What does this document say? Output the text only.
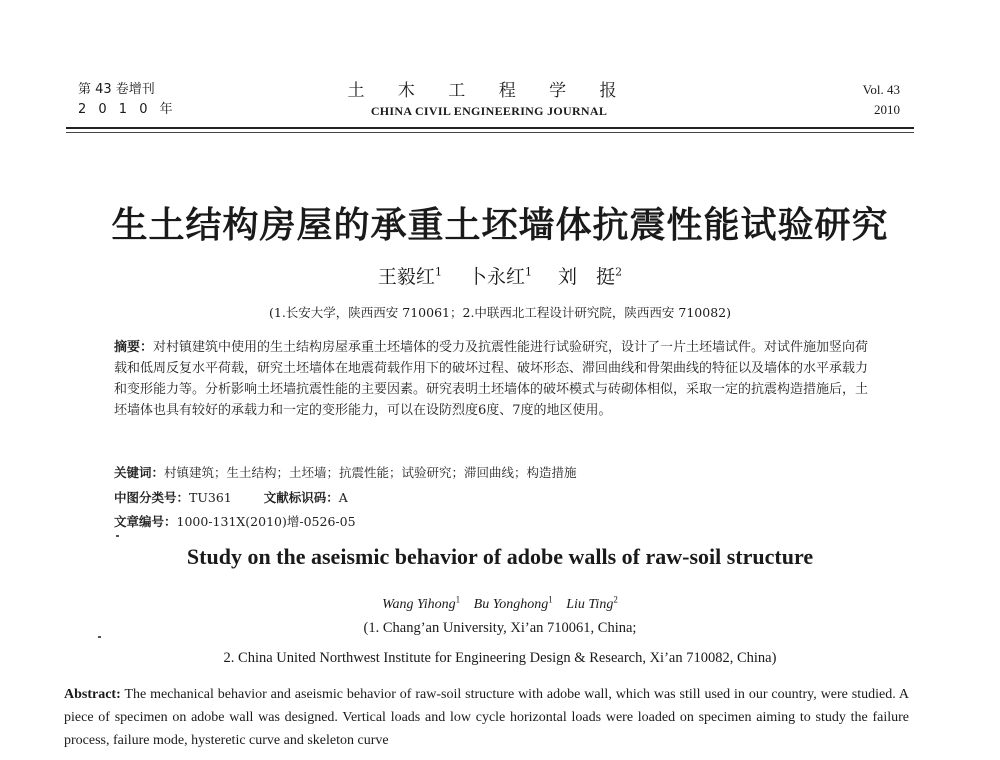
第 43 卷增刊
2 0 1 0 年
土 木 工 程 学 报
CHINA CIVIL ENGINEERING JOURNAL
Vol. 43
2010
生土结构房屋的承重土坯墙体抗震性能试验研究
王毅红$^1$ 卜永红$^1$ 刘　挺$^2$
(1.长安大学，陕西西安 710061；2.中联西北工程设计研究院，陕西西安 710082)
摘要：对村镇建筑中使用的生土结构房屋承重土坯墙体的受力及抗震性能进行试验研究，设计了一片土坯墙试件。对试件施加竖向荷载和低周反复水平荷载，研究土坯墙体在地震荷载作用下的破坏过程、破坏形态、滞回曲线和骨架曲线的特征以及墙体的水平承载力和变形能力等。分析影响土坯墙抗震性能的主要因素。研究表明土坯墙体的破坏模式与砖砌体相似，采取一定的抗震构造措施后，土坯墙体也具有较好的承载力和一定的变形能力，可以在设防烈度6度、7度的地区使用。
关键词：村镇建筑；生土结构；土坯墙；抗震性能；试验研究；滞回曲线；构造措施
中图分类号：TU361	文献标识码：A
文章编号：1000-131X(2010)增-0526-05
Study on the aseismic behavior of adobe walls of raw-soil structure
Wang Yihong$^1$ Bu Yonghong$^1$ Liu Ting$^2$
(1. Chang’an University, Xi’an 710061, China;
2. China United Northwest Institute for Engineering Design & Research, Xi’an 710082, China)
Abstract: The mechanical behavior and aseismic behavior of raw-soil structure with adobe wall, which was still used in our country, were studied. A piece of specimen on adobe wall was designed. Vertical loads and low cycle horizontal loads were loaded on specimen aiming to study the failure process, failure mode, hysteretic curve and skeleton curve
